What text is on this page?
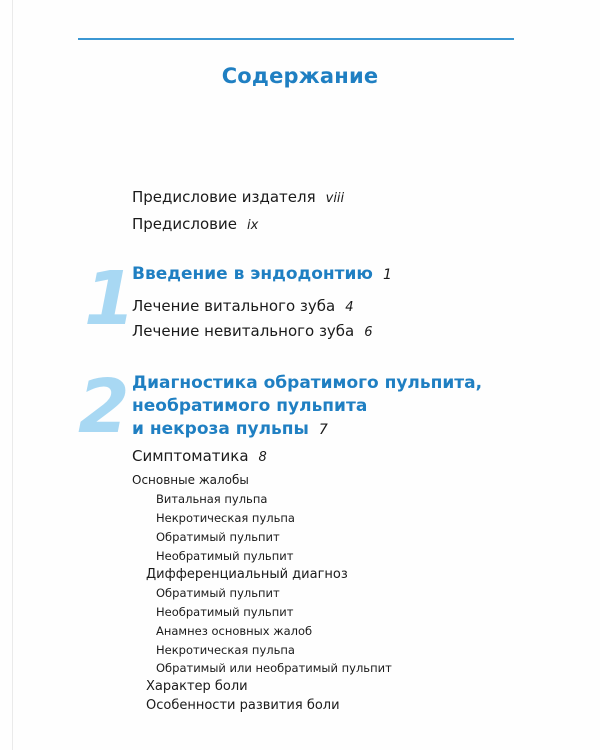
Содержание
Предисловие издателя viii
Предисловие ix
1
Введение в эндодонтию 1
Лечение витального зуба 4
Лечение невитального зуба 6
2 Диагностика обратимого пульпита,
необратимого пульпита
и некроза пульпы 7
Симптоматика 8
Основные жалобы
Витальная пульпа
Некротическая пульпа
Обратимый пульпит
Необратимый пульпит
Дифференциальный диагноз
Обратимый пульпит
Необратимый пульпит
Анамнез основных жалоб
Некротическая пульпа
Обратимый или необратимый пульпит
Характер боли
Особенности развития боли
